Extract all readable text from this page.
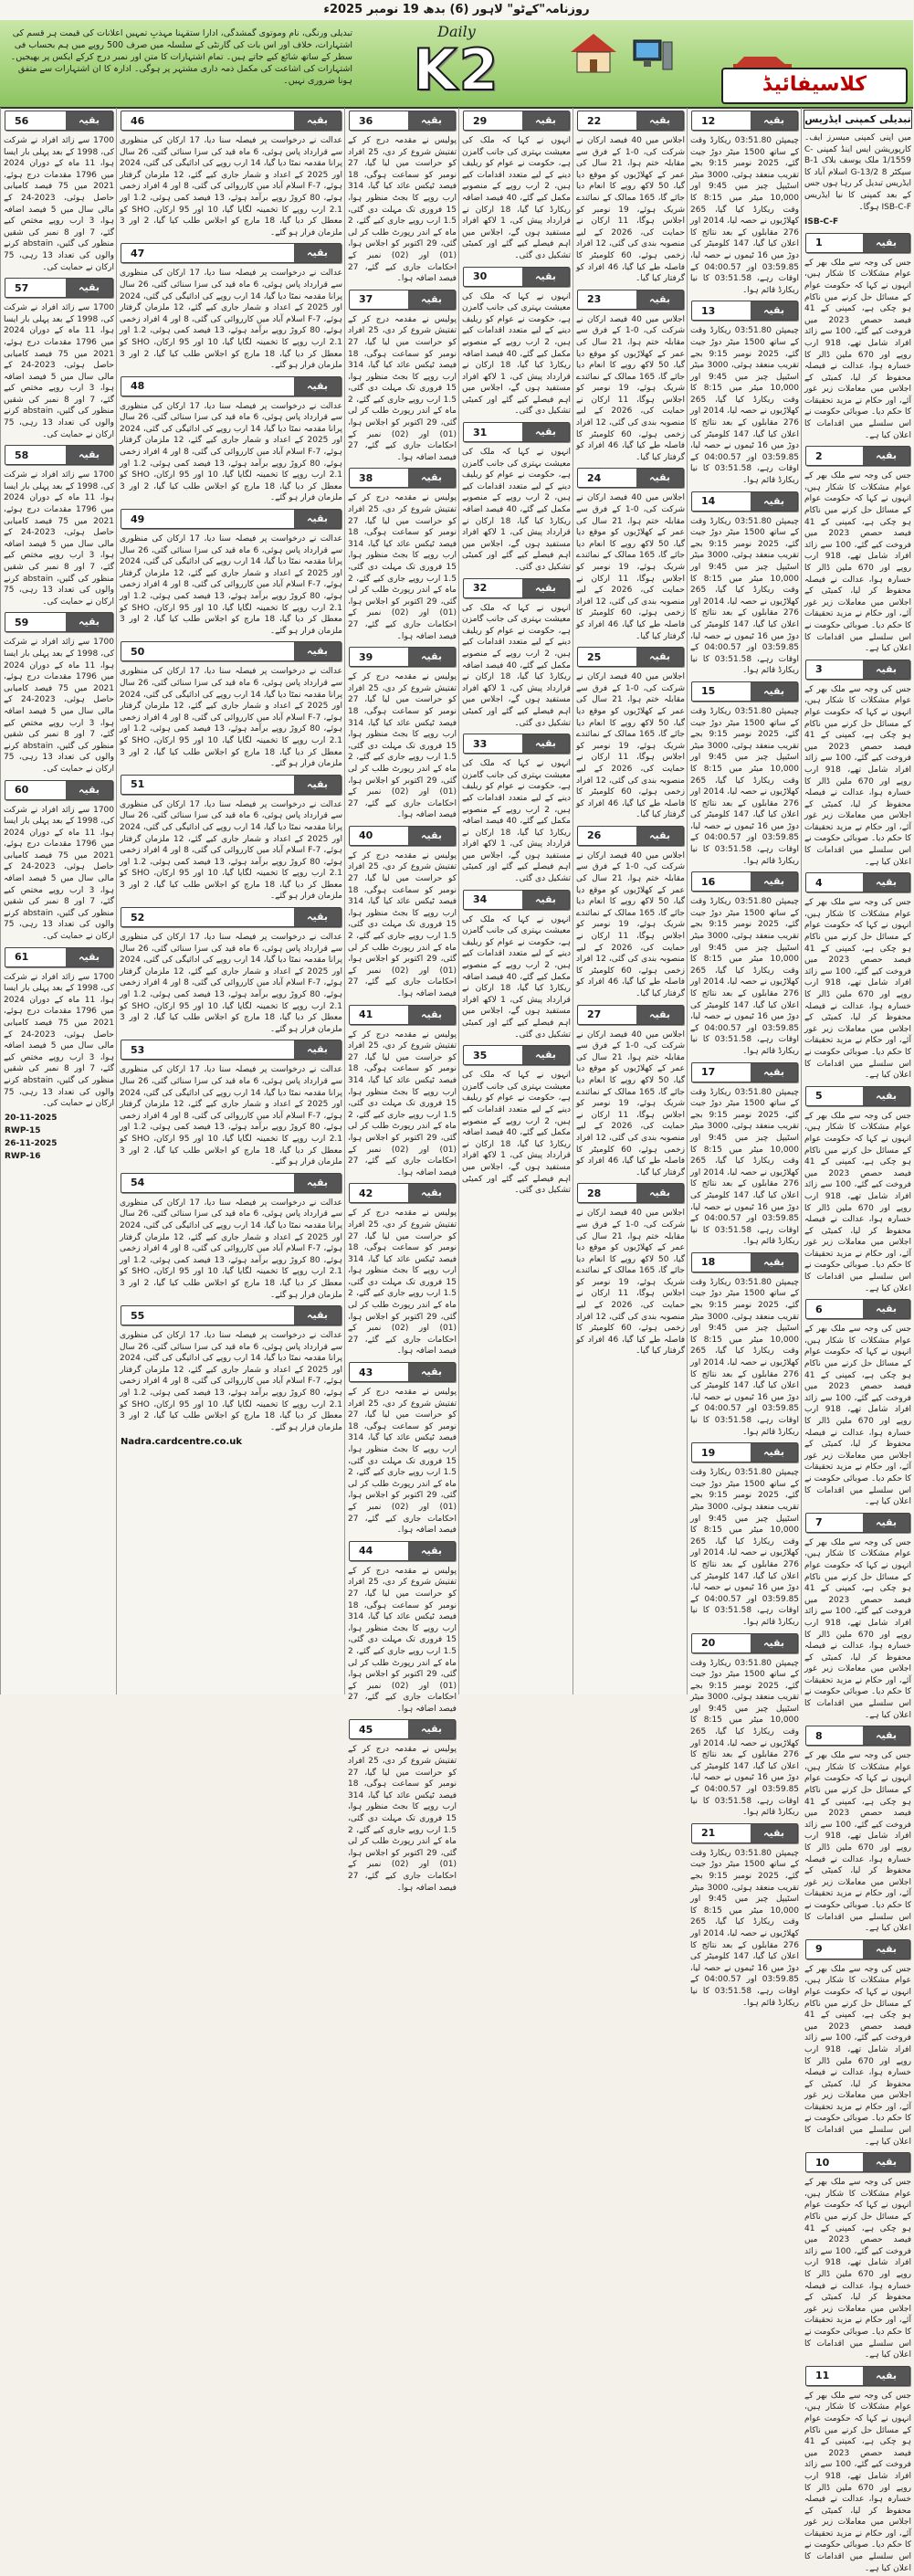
روزنامہ"کےٹو" لاہور (6) بدھ 19 نومبر 2025ء
تبدیلی ورنگی، نام وموتوی گمشدگی، ادارا ستقہنا مہذبِ تمہیں اعلانات کی قیمت ہر قسم کی اشتہارات، خلاف اور اس بات کی گارنٹی کے سلسلہ میں صرف 500 روپے میں ہم بحساب فی سطر کے ساتھ شائع کیے جاتے ہیں۔ تمام اشتہارات کا متن اور نمبر درج کرکے ایکس پر بھیجیں۔ اشتہارات کی اشاعت کی مکمل ذمہ داری مشتہر پر ہوگی۔ ادارہ کا ان اشتہارات سے متفق ہونا ضروری نہیں۔
Daily
K2	کلاسیفائیڈ
تبدیلی کمپنی ایڈریس
میں اپنی کمپنی میسرز ایف۔ کارپوریشن ایس اینڈ کمپنی C-1/1559 ملک یوسف بلاک B-1 سیکٹر 8 G-13/2 اسلام آباد کا ایڈریس تبدیل کر رہا ہوں جس کے بعد کمپنی کا نیا ایڈریس ISB-C-F ہوگا۔
ISB-C-F
بقیہ
1
جس کی وجہ سے ملک بھر کے عوام مشکلات کا شکار ہیں، انہوں نے کہا کہ حکومت عوام کے مسائل حل کرنے میں ناکام ہو چکی ہے، کمپنی کے 41 فیصد حصص 2023 میں فروخت کیے گئے، 100 سے زائد افراد شامل تھے، 918 ارب روپے اور 670 ملین ڈالر کا خسارہ ہوا، عدالت نے فیصلہ محفوظ کر لیا، کمیٹی کے اجلاس میں معاملات زیر غور آئے، اور حکام نے مزید تحقیقات کا حکم دیا۔ صوبائی حکومت نے اس سلسلے میں اقدامات کا اعلان کیا ہے۔
بقیہ
2
جس کی وجہ سے ملک بھر کے عوام مشکلات کا شکار ہیں، انہوں نے کہا کہ حکومت عوام کے مسائل حل کرنے میں ناکام ہو چکی ہے، کمپنی کے 41 فیصد حصص 2023 میں فروخت کیے گئے، 100 سے زائد افراد شامل تھے، 918 ارب روپے اور 670 ملین ڈالر کا خسارہ ہوا، عدالت نے فیصلہ محفوظ کر لیا، کمیٹی کے اجلاس میں معاملات زیر غور آئے، اور حکام نے مزید تحقیقات کا حکم دیا۔ صوبائی حکومت نے اس سلسلے میں اقدامات کا اعلان کیا ہے۔
بقیہ
3
جس کی وجہ سے ملک بھر کے عوام مشکلات کا شکار ہیں، انہوں نے کہا کہ حکومت عوام کے مسائل حل کرنے میں ناکام ہو چکی ہے، کمپنی کے 41 فیصد حصص 2023 میں فروخت کیے گئے، 100 سے زائد افراد شامل تھے، 918 ارب روپے اور 670 ملین ڈالر کا خسارہ ہوا، عدالت نے فیصلہ محفوظ کر لیا، کمیٹی کے اجلاس میں معاملات زیر غور آئے، اور حکام نے مزید تحقیقات کا حکم دیا۔ صوبائی حکومت نے اس سلسلے میں اقدامات کا اعلان کیا ہے۔
بقیہ
4
جس کی وجہ سے ملک بھر کے عوام مشکلات کا شکار ہیں، انہوں نے کہا کہ حکومت عوام کے مسائل حل کرنے میں ناکام ہو چکی ہے، کمپنی کے 41 فیصد حصص 2023 میں فروخت کیے گئے، 100 سے زائد افراد شامل تھے، 918 ارب روپے اور 670 ملین ڈالر کا خسارہ ہوا، عدالت نے فیصلہ محفوظ کر لیا، کمیٹی کے اجلاس میں معاملات زیر غور آئے، اور حکام نے مزید تحقیقات کا حکم دیا۔ صوبائی حکومت نے اس سلسلے میں اقدامات کا اعلان کیا ہے۔
بقیہ
5
جس کی وجہ سے ملک بھر کے عوام مشکلات کا شکار ہیں، انہوں نے کہا کہ حکومت عوام کے مسائل حل کرنے میں ناکام ہو چکی ہے، کمپنی کے 41 فیصد حصص 2023 میں فروخت کیے گئے، 100 سے زائد افراد شامل تھے، 918 ارب روپے اور 670 ملین ڈالر کا خسارہ ہوا، عدالت نے فیصلہ محفوظ کر لیا، کمیٹی کے اجلاس میں معاملات زیر غور آئے، اور حکام نے مزید تحقیقات کا حکم دیا۔ صوبائی حکومت نے اس سلسلے میں اقدامات کا اعلان کیا ہے۔
بقیہ
6
جس کی وجہ سے ملک بھر کے عوام مشکلات کا شکار ہیں، انہوں نے کہا کہ حکومت عوام کے مسائل حل کرنے میں ناکام ہو چکی ہے، کمپنی کے 41 فیصد حصص 2023 میں فروخت کیے گئے، 100 سے زائد افراد شامل تھے، 918 ارب روپے اور 670 ملین ڈالر کا خسارہ ہوا، عدالت نے فیصلہ محفوظ کر لیا، کمیٹی کے اجلاس میں معاملات زیر غور آئے، اور حکام نے مزید تحقیقات کا حکم دیا۔ صوبائی حکومت نے اس سلسلے میں اقدامات کا اعلان کیا ہے۔
بقیہ
7
جس کی وجہ سے ملک بھر کے عوام مشکلات کا شکار ہیں، انہوں نے کہا کہ حکومت عوام کے مسائل حل کرنے میں ناکام ہو چکی ہے، کمپنی کے 41 فیصد حصص 2023 میں فروخت کیے گئے، 100 سے زائد افراد شامل تھے، 918 ارب روپے اور 670 ملین ڈالر کا خسارہ ہوا، عدالت نے فیصلہ محفوظ کر لیا، کمیٹی کے اجلاس میں معاملات زیر غور آئے، اور حکام نے مزید تحقیقات کا حکم دیا۔ صوبائی حکومت نے اس سلسلے میں اقدامات کا اعلان کیا ہے۔
بقیہ
8
جس کی وجہ سے ملک بھر کے عوام مشکلات کا شکار ہیں، انہوں نے کہا کہ حکومت عوام کے مسائل حل کرنے میں ناکام ہو چکی ہے، کمپنی کے 41 فیصد حصص 2023 میں فروخت کیے گئے، 100 سے زائد افراد شامل تھے، 918 ارب روپے اور 670 ملین ڈالر کا خسارہ ہوا، عدالت نے فیصلہ محفوظ کر لیا، کمیٹی کے اجلاس میں معاملات زیر غور آئے، اور حکام نے مزید تحقیقات کا حکم دیا۔ صوبائی حکومت نے اس سلسلے میں اقدامات کا اعلان کیا ہے۔
بقیہ
9
جس کی وجہ سے ملک بھر کے عوام مشکلات کا شکار ہیں، انہوں نے کہا کہ حکومت عوام کے مسائل حل کرنے میں ناکام ہو چکی ہے، کمپنی کے 41 فیصد حصص 2023 میں فروخت کیے گئے، 100 سے زائد افراد شامل تھے، 918 ارب روپے اور 670 ملین ڈالر کا خسارہ ہوا، عدالت نے فیصلہ محفوظ کر لیا، کمیٹی کے اجلاس میں معاملات زیر غور آئے، اور حکام نے مزید تحقیقات کا حکم دیا۔ صوبائی حکومت نے اس سلسلے میں اقدامات کا اعلان کیا ہے۔
بقیہ
10
جس کی وجہ سے ملک بھر کے عوام مشکلات کا شکار ہیں، انہوں نے کہا کہ حکومت عوام کے مسائل حل کرنے میں ناکام ہو چکی ہے، کمپنی کے 41 فیصد حصص 2023 میں فروخت کیے گئے، 100 سے زائد افراد شامل تھے، 918 ارب روپے اور 670 ملین ڈالر کا خسارہ ہوا، عدالت نے فیصلہ محفوظ کر لیا، کمیٹی کے اجلاس میں معاملات زیر غور آئے، اور حکام نے مزید تحقیقات کا حکم دیا۔ صوبائی حکومت نے اس سلسلے میں اقدامات کا اعلان کیا ہے۔
بقیہ
11
جس کی وجہ سے ملک بھر کے عوام مشکلات کا شکار ہیں، انہوں نے کہا کہ حکومت عوام کے مسائل حل کرنے میں ناکام ہو چکی ہے، کمپنی کے 41 فیصد حصص 2023 میں فروخت کیے گئے، 100 سے زائد افراد شامل تھے، 918 ارب روپے اور 670 ملین ڈالر کا خسارہ ہوا، عدالت نے فیصلہ محفوظ کر لیا، کمیٹی کے اجلاس میں معاملات زیر غور آئے، اور حکام نے مزید تحقیقات کا حکم دیا۔ صوبائی حکومت نے اس سلسلے میں اقدامات کا اعلان کیا ہے۔
بقیہ
12
چیمپئن 03:51.80 ریکارڈ وقت کے ساتھ 1500 میٹر دوڑ جیت گئے، 2025 نومبر 9:15 بجے تقریب منعقد ہوئی، 3000 میٹر اسٹیپل چیز میں 9:45 اور 10,000 میٹر میں 8:15 کا وقت ریکارڈ کیا گیا، 265 کھلاڑیوں نے حصہ لیا، 2014 اور 276 مقابلوں کے بعد نتائج کا اعلان کیا گیا، 147 کلومیٹر کی دوڑ میں 16 ٹیموں نے حصہ لیا، 03:59.85 اور 04:00.57 کے اوقات رہے، 03:51.58 کا نیا ریکارڈ قائم ہوا۔
بقیہ
13
چیمپئن 03:51.80 ریکارڈ وقت کے ساتھ 1500 میٹر دوڑ جیت گئے، 2025 نومبر 9:15 بجے تقریب منعقد ہوئی، 3000 میٹر اسٹیپل چیز میں 9:45 اور 10,000 میٹر میں 8:15 کا وقت ریکارڈ کیا گیا، 265 کھلاڑیوں نے حصہ لیا، 2014 اور 276 مقابلوں کے بعد نتائج کا اعلان کیا گیا، 147 کلومیٹر کی دوڑ میں 16 ٹیموں نے حصہ لیا، 03:59.85 اور 04:00.57 کے اوقات رہے، 03:51.58 کا نیا ریکارڈ قائم ہوا۔
بقیہ
14
چیمپئن 03:51.80 ریکارڈ وقت کے ساتھ 1500 میٹر دوڑ جیت گئے، 2025 نومبر 9:15 بجے تقریب منعقد ہوئی، 3000 میٹر اسٹیپل چیز میں 9:45 اور 10,000 میٹر میں 8:15 کا وقت ریکارڈ کیا گیا، 265 کھلاڑیوں نے حصہ لیا، 2014 اور 276 مقابلوں کے بعد نتائج کا اعلان کیا گیا، 147 کلومیٹر کی دوڑ میں 16 ٹیموں نے حصہ لیا، 03:59.85 اور 04:00.57 کے اوقات رہے، 03:51.58 کا نیا ریکارڈ قائم ہوا۔
بقیہ
15
چیمپئن 03:51.80 ریکارڈ وقت کے ساتھ 1500 میٹر دوڑ جیت گئے، 2025 نومبر 9:15 بجے تقریب منعقد ہوئی، 3000 میٹر اسٹیپل چیز میں 9:45 اور 10,000 میٹر میں 8:15 کا وقت ریکارڈ کیا گیا، 265 کھلاڑیوں نے حصہ لیا، 2014 اور 276 مقابلوں کے بعد نتائج کا اعلان کیا گیا، 147 کلومیٹر کی دوڑ میں 16 ٹیموں نے حصہ لیا، 03:59.85 اور 04:00.57 کے اوقات رہے، 03:51.58 کا نیا ریکارڈ قائم ہوا۔
بقیہ
16
چیمپئن 03:51.80 ریکارڈ وقت کے ساتھ 1500 میٹر دوڑ جیت گئے، 2025 نومبر 9:15 بجے تقریب منعقد ہوئی، 3000 میٹر اسٹیپل چیز میں 9:45 اور 10,000 میٹر میں 8:15 کا وقت ریکارڈ کیا گیا، 265 کھلاڑیوں نے حصہ لیا، 2014 اور 276 مقابلوں کے بعد نتائج کا اعلان کیا گیا، 147 کلومیٹر کی دوڑ میں 16 ٹیموں نے حصہ لیا، 03:59.85 اور 04:00.57 کے اوقات رہے، 03:51.58 کا نیا ریکارڈ قائم ہوا۔
بقیہ
17
چیمپئن 03:51.80 ریکارڈ وقت کے ساتھ 1500 میٹر دوڑ جیت گئے، 2025 نومبر 9:15 بجے تقریب منعقد ہوئی، 3000 میٹر اسٹیپل چیز میں 9:45 اور 10,000 میٹر میں 8:15 کا وقت ریکارڈ کیا گیا، 265 کھلاڑیوں نے حصہ لیا، 2014 اور 276 مقابلوں کے بعد نتائج کا اعلان کیا گیا، 147 کلومیٹر کی دوڑ میں 16 ٹیموں نے حصہ لیا، 03:59.85 اور 04:00.57 کے اوقات رہے، 03:51.58 کا نیا ریکارڈ قائم ہوا۔
بقیہ
18
چیمپئن 03:51.80 ریکارڈ وقت کے ساتھ 1500 میٹر دوڑ جیت گئے، 2025 نومبر 9:15 بجے تقریب منعقد ہوئی، 3000 میٹر اسٹیپل چیز میں 9:45 اور 10,000 میٹر میں 8:15 کا وقت ریکارڈ کیا گیا، 265 کھلاڑیوں نے حصہ لیا، 2014 اور 276 مقابلوں کے بعد نتائج کا اعلان کیا گیا، 147 کلومیٹر کی دوڑ میں 16 ٹیموں نے حصہ لیا، 03:59.85 اور 04:00.57 کے اوقات رہے، 03:51.58 کا نیا ریکارڈ قائم ہوا۔
بقیہ
19
چیمپئن 03:51.80 ریکارڈ وقت کے ساتھ 1500 میٹر دوڑ جیت گئے، 2025 نومبر 9:15 بجے تقریب منعقد ہوئی، 3000 میٹر اسٹیپل چیز میں 9:45 اور 10,000 میٹر میں 8:15 کا وقت ریکارڈ کیا گیا، 265 کھلاڑیوں نے حصہ لیا، 2014 اور 276 مقابلوں کے بعد نتائج کا اعلان کیا گیا، 147 کلومیٹر کی دوڑ میں 16 ٹیموں نے حصہ لیا، 03:59.85 اور 04:00.57 کے اوقات رہے، 03:51.58 کا نیا ریکارڈ قائم ہوا۔
بقیہ
20
چیمپئن 03:51.80 ریکارڈ وقت کے ساتھ 1500 میٹر دوڑ جیت گئے، 2025 نومبر 9:15 بجے تقریب منعقد ہوئی، 3000 میٹر اسٹیپل چیز میں 9:45 اور 10,000 میٹر میں 8:15 کا وقت ریکارڈ کیا گیا، 265 کھلاڑیوں نے حصہ لیا، 2014 اور 276 مقابلوں کے بعد نتائج کا اعلان کیا گیا، 147 کلومیٹر کی دوڑ میں 16 ٹیموں نے حصہ لیا، 03:59.85 اور 04:00.57 کے اوقات رہے، 03:51.58 کا نیا ریکارڈ قائم ہوا۔
بقیہ
21
چیمپئن 03:51.80 ریکارڈ وقت کے ساتھ 1500 میٹر دوڑ جیت گئے، 2025 نومبر 9:15 بجے تقریب منعقد ہوئی، 3000 میٹر اسٹیپل چیز میں 9:45 اور 10,000 میٹر میں 8:15 کا وقت ریکارڈ کیا گیا، 265 کھلاڑیوں نے حصہ لیا، 2014 اور 276 مقابلوں کے بعد نتائج کا اعلان کیا گیا، 147 کلومیٹر کی دوڑ میں 16 ٹیموں نے حصہ لیا، 03:59.85 اور 04:00.57 کے اوقات رہے، 03:51.58 کا نیا ریکارڈ قائم ہوا۔
بقیہ
22
اجلاس میں 40 فیصد ارکان نے شرکت کی، 0-1 کے فرق سے مقابلہ ختم ہوا، 21 سال کی عمر کے کھلاڑیوں کو موقع دیا گیا، 50 لاکھ روپے کا انعام دیا جائے گا، 165 ممالک کے نمائندے شریک ہوئے، 19 نومبر کو اجلاس ہوگا، 11 ارکان نے حمایت کی، 2026 کے لیے منصوبہ بندی کی گئی، 12 افراد زخمی ہوئے، 60 کلومیٹر کا فاصلہ طے کیا گیا، 46 افراد کو گرفتار کیا گیا۔
بقیہ
23
اجلاس میں 40 فیصد ارکان نے شرکت کی، 0-1 کے فرق سے مقابلہ ختم ہوا، 21 سال کی عمر کے کھلاڑیوں کو موقع دیا گیا، 50 لاکھ روپے کا انعام دیا جائے گا، 165 ممالک کے نمائندے شریک ہوئے، 19 نومبر کو اجلاس ہوگا، 11 ارکان نے حمایت کی، 2026 کے لیے منصوبہ بندی کی گئی، 12 افراد زخمی ہوئے، 60 کلومیٹر کا فاصلہ طے کیا گیا، 46 افراد کو گرفتار کیا گیا۔
بقیہ
24
اجلاس میں 40 فیصد ارکان نے شرکت کی، 0-1 کے فرق سے مقابلہ ختم ہوا، 21 سال کی عمر کے کھلاڑیوں کو موقع دیا گیا، 50 لاکھ روپے کا انعام دیا جائے گا، 165 ممالک کے نمائندے شریک ہوئے، 19 نومبر کو اجلاس ہوگا، 11 ارکان نے حمایت کی، 2026 کے لیے منصوبہ بندی کی گئی، 12 افراد زخمی ہوئے، 60 کلومیٹر کا فاصلہ طے کیا گیا، 46 افراد کو گرفتار کیا گیا۔
بقیہ
25
اجلاس میں 40 فیصد ارکان نے شرکت کی، 0-1 کے فرق سے مقابلہ ختم ہوا، 21 سال کی عمر کے کھلاڑیوں کو موقع دیا گیا، 50 لاکھ روپے کا انعام دیا جائے گا، 165 ممالک کے نمائندے شریک ہوئے، 19 نومبر کو اجلاس ہوگا، 11 ارکان نے حمایت کی، 2026 کے لیے منصوبہ بندی کی گئی، 12 افراد زخمی ہوئے، 60 کلومیٹر کا فاصلہ طے کیا گیا، 46 افراد کو گرفتار کیا گیا۔
بقیہ
26
اجلاس میں 40 فیصد ارکان نے شرکت کی، 0-1 کے فرق سے مقابلہ ختم ہوا، 21 سال کی عمر کے کھلاڑیوں کو موقع دیا گیا، 50 لاکھ روپے کا انعام دیا جائے گا، 165 ممالک کے نمائندے شریک ہوئے، 19 نومبر کو اجلاس ہوگا، 11 ارکان نے حمایت کی، 2026 کے لیے منصوبہ بندی کی گئی، 12 افراد زخمی ہوئے، 60 کلومیٹر کا فاصلہ طے کیا گیا، 46 افراد کو گرفتار کیا گیا۔
بقیہ
27
اجلاس میں 40 فیصد ارکان نے شرکت کی، 0-1 کے فرق سے مقابلہ ختم ہوا، 21 سال کی عمر کے کھلاڑیوں کو موقع دیا گیا، 50 لاکھ روپے کا انعام دیا جائے گا، 165 ممالک کے نمائندے شریک ہوئے، 19 نومبر کو اجلاس ہوگا، 11 ارکان نے حمایت کی، 2026 کے لیے منصوبہ بندی کی گئی، 12 افراد زخمی ہوئے، 60 کلومیٹر کا فاصلہ طے کیا گیا، 46 افراد کو گرفتار کیا گیا۔
بقیہ
28
اجلاس میں 40 فیصد ارکان نے شرکت کی، 0-1 کے فرق سے مقابلہ ختم ہوا، 21 سال کی عمر کے کھلاڑیوں کو موقع دیا گیا، 50 لاکھ روپے کا انعام دیا جائے گا، 165 ممالک کے نمائندے شریک ہوئے، 19 نومبر کو اجلاس ہوگا، 11 ارکان نے حمایت کی، 2026 کے لیے منصوبہ بندی کی گئی، 12 افراد زخمی ہوئے، 60 کلومیٹر کا فاصلہ طے کیا گیا، 46 افراد کو گرفتار کیا گیا۔
بقیہ
29
انہوں نے کہا کہ ملک کی معیشت بہتری کی جانب گامزن ہے، حکومت نے عوام کو ریلیف دینے کے لیے متعدد اقدامات کیے ہیں، 2 ارب روپے کے منصوبے مکمل کیے گئے، 40 فیصد اضافہ ریکارڈ کیا گیا، 18 ارکان نے قرارداد پیش کی، 1 لاکھ افراد مستفید ہوں گے، اجلاس میں اہم فیصلے کیے گئے اور کمیٹی تشکیل دی گئی۔
بقیہ
30
انہوں نے کہا کہ ملک کی معیشت بہتری کی جانب گامزن ہے، حکومت نے عوام کو ریلیف دینے کے لیے متعدد اقدامات کیے ہیں، 2 ارب روپے کے منصوبے مکمل کیے گئے، 40 فیصد اضافہ ریکارڈ کیا گیا، 18 ارکان نے قرارداد پیش کی، 1 لاکھ افراد مستفید ہوں گے، اجلاس میں اہم فیصلے کیے گئے اور کمیٹی تشکیل دی گئی۔
بقیہ
31
انہوں نے کہا کہ ملک کی معیشت بہتری کی جانب گامزن ہے، حکومت نے عوام کو ریلیف دینے کے لیے متعدد اقدامات کیے ہیں، 2 ارب روپے کے منصوبے مکمل کیے گئے، 40 فیصد اضافہ ریکارڈ کیا گیا، 18 ارکان نے قرارداد پیش کی، 1 لاکھ افراد مستفید ہوں گے، اجلاس میں اہم فیصلے کیے گئے اور کمیٹی تشکیل دی گئی۔
بقیہ
32
انہوں نے کہا کہ ملک کی معیشت بہتری کی جانب گامزن ہے، حکومت نے عوام کو ریلیف دینے کے لیے متعدد اقدامات کیے ہیں، 2 ارب روپے کے منصوبے مکمل کیے گئے، 40 فیصد اضافہ ریکارڈ کیا گیا، 18 ارکان نے قرارداد پیش کی، 1 لاکھ افراد مستفید ہوں گے، اجلاس میں اہم فیصلے کیے گئے اور کمیٹی تشکیل دی گئی۔
بقیہ
33
انہوں نے کہا کہ ملک کی معیشت بہتری کی جانب گامزن ہے، حکومت نے عوام کو ریلیف دینے کے لیے متعدد اقدامات کیے ہیں، 2 ارب روپے کے منصوبے مکمل کیے گئے، 40 فیصد اضافہ ریکارڈ کیا گیا، 18 ارکان نے قرارداد پیش کی، 1 لاکھ افراد مستفید ہوں گے، اجلاس میں اہم فیصلے کیے گئے اور کمیٹی تشکیل دی گئی۔
بقیہ
34
انہوں نے کہا کہ ملک کی معیشت بہتری کی جانب گامزن ہے، حکومت نے عوام کو ریلیف دینے کے لیے متعدد اقدامات کیے ہیں، 2 ارب روپے کے منصوبے مکمل کیے گئے، 40 فیصد اضافہ ریکارڈ کیا گیا، 18 ارکان نے قرارداد پیش کی، 1 لاکھ افراد مستفید ہوں گے، اجلاس میں اہم فیصلے کیے گئے اور کمیٹی تشکیل دی گئی۔
بقیہ
35
انہوں نے کہا کہ ملک کی معیشت بہتری کی جانب گامزن ہے، حکومت نے عوام کو ریلیف دینے کے لیے متعدد اقدامات کیے ہیں، 2 ارب روپے کے منصوبے مکمل کیے گئے، 40 فیصد اضافہ ریکارڈ کیا گیا، 18 ارکان نے قرارداد پیش کی، 1 لاکھ افراد مستفید ہوں گے، اجلاس میں اہم فیصلے کیے گئے اور کمیٹی تشکیل دی گئی۔
بقیہ
36
پولیس نے مقدمہ درج کر کے تفتیش شروع کر دی، 25 افراد کو حراست میں لیا گیا، 27 نومبر کو سماعت ہوگی، 18 فیصد ٹیکس عائد کیا گیا، 314 ارب روپے کا بجٹ منظور ہوا، 15 فروری تک مہلت دی گئی، 1.5 ارب روپے جاری کیے گئے، 2 ماہ کے اندر رپورٹ طلب کر لی گئی، 29 اکتوبر کو اجلاس ہوا، (01) اور (02) نمبر کے احکامات جاری کیے گئے، 27 فیصد اضافہ ہوا۔
بقیہ
37
پولیس نے مقدمہ درج کر کے تفتیش شروع کر دی، 25 افراد کو حراست میں لیا گیا، 27 نومبر کو سماعت ہوگی، 18 فیصد ٹیکس عائد کیا گیا، 314 ارب روپے کا بجٹ منظور ہوا، 15 فروری تک مہلت دی گئی، 1.5 ارب روپے جاری کیے گئے، 2 ماہ کے اندر رپورٹ طلب کر لی گئی، 29 اکتوبر کو اجلاس ہوا، (01) اور (02) نمبر کے احکامات جاری کیے گئے، 27 فیصد اضافہ ہوا۔
بقیہ
38
پولیس نے مقدمہ درج کر کے تفتیش شروع کر دی، 25 افراد کو حراست میں لیا گیا، 27 نومبر کو سماعت ہوگی، 18 فیصد ٹیکس عائد کیا گیا، 314 ارب روپے کا بجٹ منظور ہوا، 15 فروری تک مہلت دی گئی، 1.5 ارب روپے جاری کیے گئے، 2 ماہ کے اندر رپورٹ طلب کر لی گئی، 29 اکتوبر کو اجلاس ہوا، (01) اور (02) نمبر کے احکامات جاری کیے گئے، 27 فیصد اضافہ ہوا۔
بقیہ
39
پولیس نے مقدمہ درج کر کے تفتیش شروع کر دی، 25 افراد کو حراست میں لیا گیا، 27 نومبر کو سماعت ہوگی، 18 فیصد ٹیکس عائد کیا گیا، 314 ارب روپے کا بجٹ منظور ہوا، 15 فروری تک مہلت دی گئی، 1.5 ارب روپے جاری کیے گئے، 2 ماہ کے اندر رپورٹ طلب کر لی گئی، 29 اکتوبر کو اجلاس ہوا، (01) اور (02) نمبر کے احکامات جاری کیے گئے، 27 فیصد اضافہ ہوا۔
بقیہ
40
پولیس نے مقدمہ درج کر کے تفتیش شروع کر دی، 25 افراد کو حراست میں لیا گیا، 27 نومبر کو سماعت ہوگی، 18 فیصد ٹیکس عائد کیا گیا، 314 ارب روپے کا بجٹ منظور ہوا، 15 فروری تک مہلت دی گئی، 1.5 ارب روپے جاری کیے گئے، 2 ماہ کے اندر رپورٹ طلب کر لی گئی، 29 اکتوبر کو اجلاس ہوا، (01) اور (02) نمبر کے احکامات جاری کیے گئے، 27 فیصد اضافہ ہوا۔
بقیہ
41
پولیس نے مقدمہ درج کر کے تفتیش شروع کر دی، 25 افراد کو حراست میں لیا گیا، 27 نومبر کو سماعت ہوگی، 18 فیصد ٹیکس عائد کیا گیا، 314 ارب روپے کا بجٹ منظور ہوا، 15 فروری تک مہلت دی گئی، 1.5 ارب روپے جاری کیے گئے، 2 ماہ کے اندر رپورٹ طلب کر لی گئی، 29 اکتوبر کو اجلاس ہوا، (01) اور (02) نمبر کے احکامات جاری کیے گئے، 27 فیصد اضافہ ہوا۔
بقیہ
42
پولیس نے مقدمہ درج کر کے تفتیش شروع کر دی، 25 افراد کو حراست میں لیا گیا، 27 نومبر کو سماعت ہوگی، 18 فیصد ٹیکس عائد کیا گیا، 314 ارب روپے کا بجٹ منظور ہوا، 15 فروری تک مہلت دی گئی، 1.5 ارب روپے جاری کیے گئے، 2 ماہ کے اندر رپورٹ طلب کر لی گئی، 29 اکتوبر کو اجلاس ہوا، (01) اور (02) نمبر کے احکامات جاری کیے گئے، 27 فیصد اضافہ ہوا۔
بقیہ
43
پولیس نے مقدمہ درج کر کے تفتیش شروع کر دی، 25 افراد کو حراست میں لیا گیا، 27 نومبر کو سماعت ہوگی، 18 فیصد ٹیکس عائد کیا گیا، 314 ارب روپے کا بجٹ منظور ہوا، 15 فروری تک مہلت دی گئی، 1.5 ارب روپے جاری کیے گئے، 2 ماہ کے اندر رپورٹ طلب کر لی گئی، 29 اکتوبر کو اجلاس ہوا، (01) اور (02) نمبر کے احکامات جاری کیے گئے، 27 فیصد اضافہ ہوا۔
بقیہ
44
پولیس نے مقدمہ درج کر کے تفتیش شروع کر دی، 25 افراد کو حراست میں لیا گیا، 27 نومبر کو سماعت ہوگی، 18 فیصد ٹیکس عائد کیا گیا، 314 ارب روپے کا بجٹ منظور ہوا، 15 فروری تک مہلت دی گئی، 1.5 ارب روپے جاری کیے گئے، 2 ماہ کے اندر رپورٹ طلب کر لی گئی، 29 اکتوبر کو اجلاس ہوا، (01) اور (02) نمبر کے احکامات جاری کیے گئے، 27 فیصد اضافہ ہوا۔
بقیہ
45
پولیس نے مقدمہ درج کر کے تفتیش شروع کر دی، 25 افراد کو حراست میں لیا گیا، 27 نومبر کو سماعت ہوگی، 18 فیصد ٹیکس عائد کیا گیا، 314 ارب روپے کا بجٹ منظور ہوا، 15 فروری تک مہلت دی گئی، 1.5 ارب روپے جاری کیے گئے، 2 ماہ کے اندر رپورٹ طلب کر لی گئی، 29 اکتوبر کو اجلاس ہوا، (01) اور (02) نمبر کے احکامات جاری کیے گئے، 27 فیصد اضافہ ہوا۔
بقیہ
46
عدالت نے درخواست پر فیصلہ سنا دیا، 17 ارکان کی منظوری سے قرارداد پاس ہوئی، 6 ماہ قید کی سزا سنائی گئی، 26 سال پرانا مقدمہ نمٹا دیا گیا، 14 ارب روپے کی ادائیگی کی گئی، 2024 اور 2025 کے اعداد و شمار جاری کیے گئے، 12 ملزمان گرفتار ہوئے، F-7 اسلام آباد میں کارروائی کی گئی، 8 اور 4 افراد زخمی ہوئے، 80 کروڑ روپے برآمد ہوئے، 13 فیصد کمی ہوئی، 1.2 اور 2.1 ارب روپے کا تخمینہ لگایا گیا، 10 اور 95 ارکان، SHO کو معطل کر دیا گیا، 18 مارچ کو اجلاس طلب کیا گیا، 2 اور 3 ملزمان فرار ہو گئے۔
بقیہ
47
عدالت نے درخواست پر فیصلہ سنا دیا، 17 ارکان کی منظوری سے قرارداد پاس ہوئی، 6 ماہ قید کی سزا سنائی گئی، 26 سال پرانا مقدمہ نمٹا دیا گیا، 14 ارب روپے کی ادائیگی کی گئی، 2024 اور 2025 کے اعداد و شمار جاری کیے گئے، 12 ملزمان گرفتار ہوئے، F-7 اسلام آباد میں کارروائی کی گئی، 8 اور 4 افراد زخمی ہوئے، 80 کروڑ روپے برآمد ہوئے، 13 فیصد کمی ہوئی، 1.2 اور 2.1 ارب روپے کا تخمینہ لگایا گیا، 10 اور 95 ارکان، SHO کو معطل کر دیا گیا، 18 مارچ کو اجلاس طلب کیا گیا، 2 اور 3 ملزمان فرار ہو گئے۔
بقیہ
48
عدالت نے درخواست پر فیصلہ سنا دیا، 17 ارکان کی منظوری سے قرارداد پاس ہوئی، 6 ماہ قید کی سزا سنائی گئی، 26 سال پرانا مقدمہ نمٹا دیا گیا، 14 ارب روپے کی ادائیگی کی گئی، 2024 اور 2025 کے اعداد و شمار جاری کیے گئے، 12 ملزمان گرفتار ہوئے، F-7 اسلام آباد میں کارروائی کی گئی، 8 اور 4 افراد زخمی ہوئے، 80 کروڑ روپے برآمد ہوئے، 13 فیصد کمی ہوئی، 1.2 اور 2.1 ارب روپے کا تخمینہ لگایا گیا، 10 اور 95 ارکان، SHO کو معطل کر دیا گیا، 18 مارچ کو اجلاس طلب کیا گیا، 2 اور 3 ملزمان فرار ہو گئے۔
بقیہ
49
عدالت نے درخواست پر فیصلہ سنا دیا، 17 ارکان کی منظوری سے قرارداد پاس ہوئی، 6 ماہ قید کی سزا سنائی گئی، 26 سال پرانا مقدمہ نمٹا دیا گیا، 14 ارب روپے کی ادائیگی کی گئی، 2024 اور 2025 کے اعداد و شمار جاری کیے گئے، 12 ملزمان گرفتار ہوئے، F-7 اسلام آباد میں کارروائی کی گئی، 8 اور 4 افراد زخمی ہوئے، 80 کروڑ روپے برآمد ہوئے، 13 فیصد کمی ہوئی، 1.2 اور 2.1 ارب روپے کا تخمینہ لگایا گیا، 10 اور 95 ارکان، SHO کو معطل کر دیا گیا، 18 مارچ کو اجلاس طلب کیا گیا، 2 اور 3 ملزمان فرار ہو گئے۔
بقیہ
50
عدالت نے درخواست پر فیصلہ سنا دیا، 17 ارکان کی منظوری سے قرارداد پاس ہوئی، 6 ماہ قید کی سزا سنائی گئی، 26 سال پرانا مقدمہ نمٹا دیا گیا، 14 ارب روپے کی ادائیگی کی گئی، 2024 اور 2025 کے اعداد و شمار جاری کیے گئے، 12 ملزمان گرفتار ہوئے، F-7 اسلام آباد میں کارروائی کی گئی، 8 اور 4 افراد زخمی ہوئے، 80 کروڑ روپے برآمد ہوئے، 13 فیصد کمی ہوئی، 1.2 اور 2.1 ارب روپے کا تخمینہ لگایا گیا، 10 اور 95 ارکان، SHO کو معطل کر دیا گیا، 18 مارچ کو اجلاس طلب کیا گیا، 2 اور 3 ملزمان فرار ہو گئے۔
بقیہ
51
عدالت نے درخواست پر فیصلہ سنا دیا، 17 ارکان کی منظوری سے قرارداد پاس ہوئی، 6 ماہ قید کی سزا سنائی گئی، 26 سال پرانا مقدمہ نمٹا دیا گیا، 14 ارب روپے کی ادائیگی کی گئی، 2024 اور 2025 کے اعداد و شمار جاری کیے گئے، 12 ملزمان گرفتار ہوئے، F-7 اسلام آباد میں کارروائی کی گئی، 8 اور 4 افراد زخمی ہوئے، 80 کروڑ روپے برآمد ہوئے، 13 فیصد کمی ہوئی، 1.2 اور 2.1 ارب روپے کا تخمینہ لگایا گیا، 10 اور 95 ارکان، SHO کو معطل کر دیا گیا، 18 مارچ کو اجلاس طلب کیا گیا، 2 اور 3 ملزمان فرار ہو گئے۔
بقیہ
52
عدالت نے درخواست پر فیصلہ سنا دیا، 17 ارکان کی منظوری سے قرارداد پاس ہوئی، 6 ماہ قید کی سزا سنائی گئی، 26 سال پرانا مقدمہ نمٹا دیا گیا، 14 ارب روپے کی ادائیگی کی گئی، 2024 اور 2025 کے اعداد و شمار جاری کیے گئے، 12 ملزمان گرفتار ہوئے، F-7 اسلام آباد میں کارروائی کی گئی، 8 اور 4 افراد زخمی ہوئے، 80 کروڑ روپے برآمد ہوئے، 13 فیصد کمی ہوئی، 1.2 اور 2.1 ارب روپے کا تخمینہ لگایا گیا، 10 اور 95 ارکان، SHO کو معطل کر دیا گیا، 18 مارچ کو اجلاس طلب کیا گیا، 2 اور 3 ملزمان فرار ہو گئے۔
بقیہ
53
عدالت نے درخواست پر فیصلہ سنا دیا، 17 ارکان کی منظوری سے قرارداد پاس ہوئی، 6 ماہ قید کی سزا سنائی گئی، 26 سال پرانا مقدمہ نمٹا دیا گیا، 14 ارب روپے کی ادائیگی کی گئی، 2024 اور 2025 کے اعداد و شمار جاری کیے گئے، 12 ملزمان گرفتار ہوئے، F-7 اسلام آباد میں کارروائی کی گئی، 8 اور 4 افراد زخمی ہوئے، 80 کروڑ روپے برآمد ہوئے، 13 فیصد کمی ہوئی، 1.2 اور 2.1 ارب روپے کا تخمینہ لگایا گیا، 10 اور 95 ارکان، SHO کو معطل کر دیا گیا، 18 مارچ کو اجلاس طلب کیا گیا، 2 اور 3 ملزمان فرار ہو گئے۔
بقیہ
54
عدالت نے درخواست پر فیصلہ سنا دیا، 17 ارکان کی منظوری سے قرارداد پاس ہوئی، 6 ماہ قید کی سزا سنائی گئی، 26 سال پرانا مقدمہ نمٹا دیا گیا، 14 ارب روپے کی ادائیگی کی گئی، 2024 اور 2025 کے اعداد و شمار جاری کیے گئے، 12 ملزمان گرفتار ہوئے، F-7 اسلام آباد میں کارروائی کی گئی، 8 اور 4 افراد زخمی ہوئے، 80 کروڑ روپے برآمد ہوئے، 13 فیصد کمی ہوئی، 1.2 اور 2.1 ارب روپے کا تخمینہ لگایا گیا، 10 اور 95 ارکان، SHO کو معطل کر دیا گیا، 18 مارچ کو اجلاس طلب کیا گیا، 2 اور 3 ملزمان فرار ہو گئے۔
بقیہ
55
عدالت نے درخواست پر فیصلہ سنا دیا، 17 ارکان کی منظوری سے قرارداد پاس ہوئی، 6 ماہ قید کی سزا سنائی گئی، 26 سال پرانا مقدمہ نمٹا دیا گیا، 14 ارب روپے کی ادائیگی کی گئی، 2024 اور 2025 کے اعداد و شمار جاری کیے گئے، 12 ملزمان گرفتار ہوئے، F-7 اسلام آباد میں کارروائی کی گئی، 8 اور 4 افراد زخمی ہوئے، 80 کروڑ روپے برآمد ہوئے، 13 فیصد کمی ہوئی، 1.2 اور 2.1 ارب روپے کا تخمینہ لگایا گیا، 10 اور 95 ارکان، SHO کو معطل کر دیا گیا، 18 مارچ کو اجلاس طلب کیا گیا، 2 اور 3 ملزمان فرار ہو گئے۔
Nadra.cardcentre.co.uk
بقیہ
56
1700 سے زائد افراد نے شرکت کی، 1998 کے بعد پہلی بار ایسا ہوا، 11 ماہ کے دوران 2024 میں 1796 مقدمات درج ہوئے، 2021 میں 75 فیصد کامیابی حاصل ہوئی، 2023-24 کے مالی سال میں 5 فیصد اضافہ ہوا، 3 ارب روپے مختص کیے گئے، 7 اور 8 نمبر کی شقیں منظور کی گئیں، abstain کرنے والوں کی تعداد 13 رہی، 75 ارکان نے حمایت کی۔
بقیہ
57
1700 سے زائد افراد نے شرکت کی، 1998 کے بعد پہلی بار ایسا ہوا، 11 ماہ کے دوران 2024 میں 1796 مقدمات درج ہوئے، 2021 میں 75 فیصد کامیابی حاصل ہوئی، 2023-24 کے مالی سال میں 5 فیصد اضافہ ہوا، 3 ارب روپے مختص کیے گئے، 7 اور 8 نمبر کی شقیں منظور کی گئیں، abstain کرنے والوں کی تعداد 13 رہی، 75 ارکان نے حمایت کی۔
بقیہ
58
1700 سے زائد افراد نے شرکت کی، 1998 کے بعد پہلی بار ایسا ہوا، 11 ماہ کے دوران 2024 میں 1796 مقدمات درج ہوئے، 2021 میں 75 فیصد کامیابی حاصل ہوئی، 2023-24 کے مالی سال میں 5 فیصد اضافہ ہوا، 3 ارب روپے مختص کیے گئے، 7 اور 8 نمبر کی شقیں منظور کی گئیں، abstain کرنے والوں کی تعداد 13 رہی، 75 ارکان نے حمایت کی۔
بقیہ
59
1700 سے زائد افراد نے شرکت کی، 1998 کے بعد پہلی بار ایسا ہوا، 11 ماہ کے دوران 2024 میں 1796 مقدمات درج ہوئے، 2021 میں 75 فیصد کامیابی حاصل ہوئی، 2023-24 کے مالی سال میں 5 فیصد اضافہ ہوا، 3 ارب روپے مختص کیے گئے، 7 اور 8 نمبر کی شقیں منظور کی گئیں، abstain کرنے والوں کی تعداد 13 رہی، 75 ارکان نے حمایت کی۔
بقیہ
60
1700 سے زائد افراد نے شرکت کی، 1998 کے بعد پہلی بار ایسا ہوا، 11 ماہ کے دوران 2024 میں 1796 مقدمات درج ہوئے، 2021 میں 75 فیصد کامیابی حاصل ہوئی، 2023-24 کے مالی سال میں 5 فیصد اضافہ ہوا، 3 ارب روپے مختص کیے گئے، 7 اور 8 نمبر کی شقیں منظور کی گئیں، abstain کرنے والوں کی تعداد 13 رہی، 75 ارکان نے حمایت کی۔
بقیہ
61
1700 سے زائد افراد نے شرکت کی، 1998 کے بعد پہلی بار ایسا ہوا، 11 ماہ کے دوران 2024 میں 1796 مقدمات درج ہوئے، 2021 میں 75 فیصد کامیابی حاصل ہوئی، 2023-24 کے مالی سال میں 5 فیصد اضافہ ہوا، 3 ارب روپے مختص کیے گئے، 7 اور 8 نمبر کی شقیں منظور کی گئیں، abstain کرنے والوں کی تعداد 13 رہی، 75 ارکان نے حمایت کی۔
20-11-2025
RWP-15
26-11-2025
RWP-16
